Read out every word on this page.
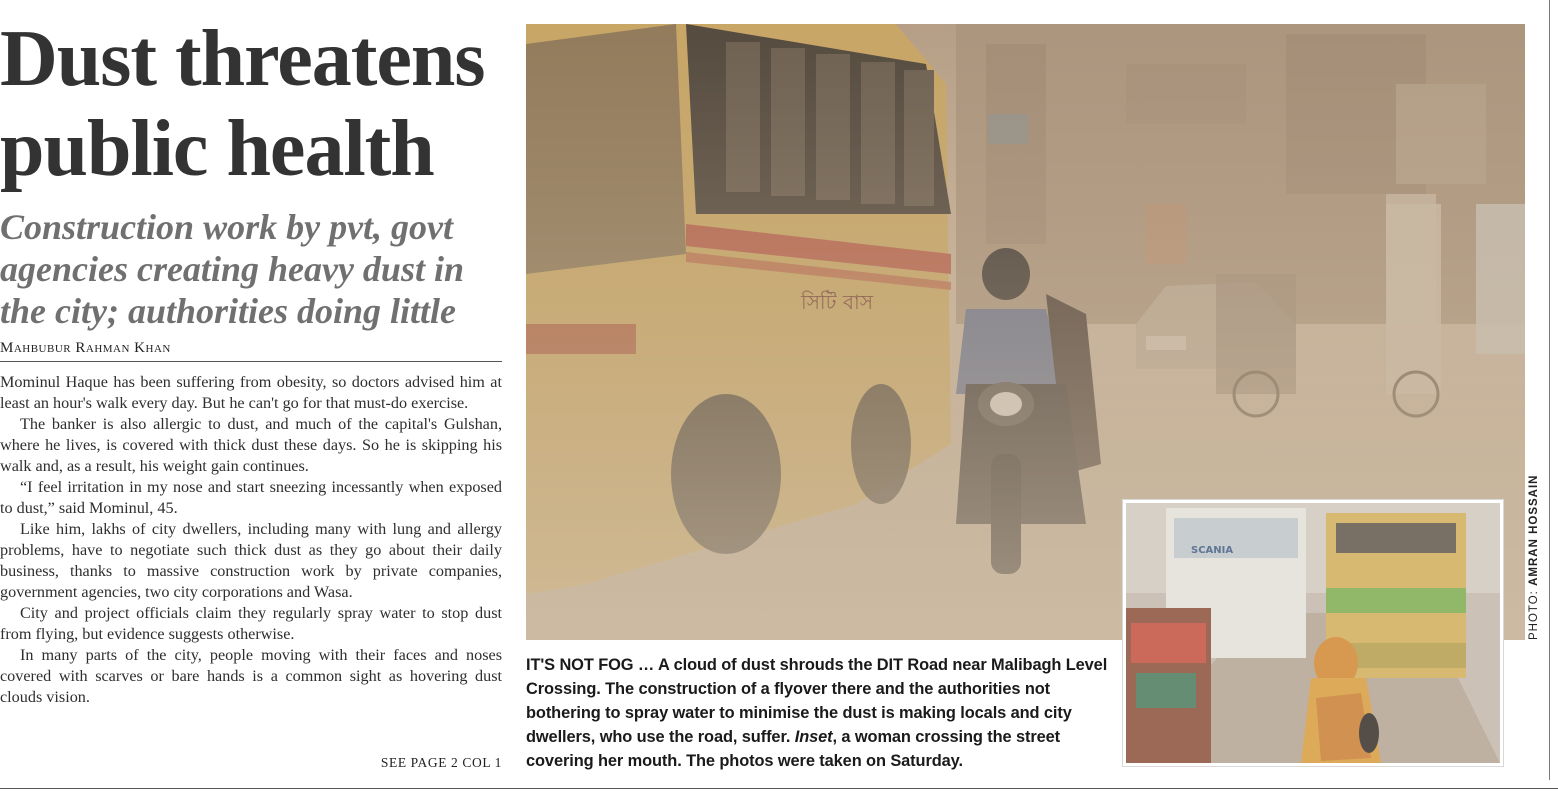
Dust threatens
public health
Construction work by pvt, govt
agencies creating heavy dust in
the city; authorities doing little
Mahbubur Rahman Khan

Mominul Haque has been suffering from obesity, so doctors advised him at least an hour's walk every day. But he can't go for that must-do exercise.

The banker is also allergic to dust, and much of the capital's Gulshan, where he lives, is covered with thick dust these days. So he is skipping his walk and, as a result, his weight gain continues.

“I feel irritation in my nose and start sneezing incessantly when exposed to dust,” said Mominul, 45.

Like him, lakhs of city dwellers, including many with lung and allergy problems, have to negotiate such thick dust as they go about their daily business, thanks to massive construction work by private companies, government agencies, two city corporations and Wasa.

City and project officials claim they regularly spray water to stop dust from flying, but evidence suggests otherwise.

In many parts of the city, people moving with their faces and noses covered with scarves or bare hands is a common sight as hovering dust clouds vision.

SEE PAGE 2 COL 1
SCANIA
IT'S NOT FOG … A cloud of dust shrouds the DIT Road near Malibagh Level Crossing. The construction of a flyover there and the authorities not bothering to spray water to minimise the dust is making locals and city dwellers, who use the road, suffer. Inset, a woman crossing the street covering her mouth. The photos were taken on Saturday.
PHOTO: AMRAN HOSSAIN
